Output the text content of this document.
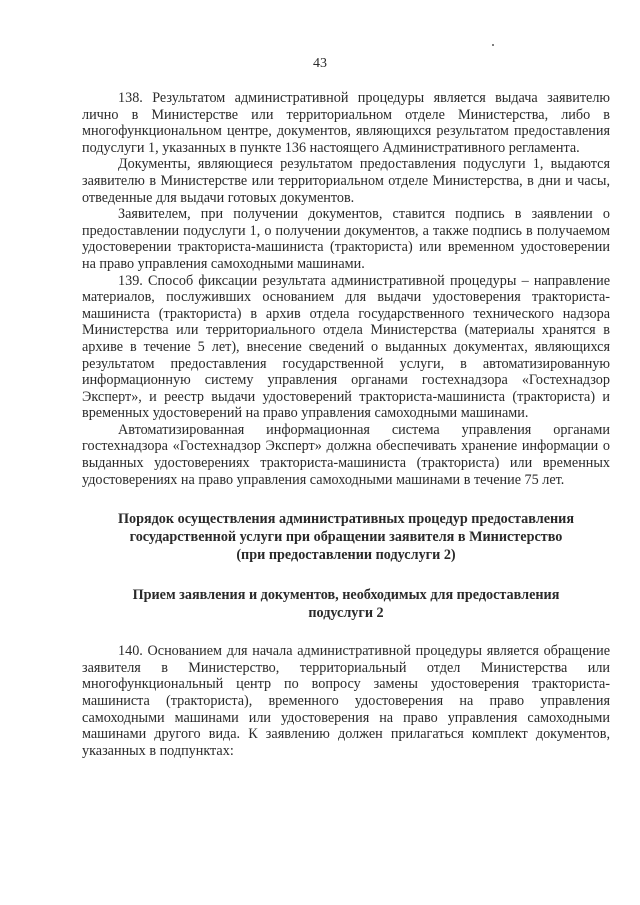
43

138. Результатом административной процедуры является выдача заявителю лично в Министерстве или территориальном отделе Министерства, либо в многофункциональном центре, документов, являющихся результатом предоставления подуслуги 1, указанных в пункте 136 настоящего Административного регламента.

Документы, являющиеся результатом предоставления подуслуги 1, выдаются заявителю в Министерстве или территориальном отделе Министерства, в дни и часы, отведенные для выдачи готовых документов.

Заявителем, при получении документов, ставится подпись в заявлении о предоставлении подуслуги 1, о получении документов, а также подпись в получаемом удостоверении тракториста-машиниста (тракториста) или временном удостоверении на право управления самоходными машинами.

139. Способ фиксации результата административной процедуры – направление материалов, послуживших основанием для выдачи удостоверения тракториста-машиниста (тракториста) в архив отдела государственного технического надзора Министерства или территориального отдела Министерства (материалы хранятся в архиве в течение 5 лет), внесение сведений о выданных документах, являющихся результатом предоставления государственной услуги, в автоматизированную информационную систему управления органами гостехнадзора «Гостехнадзор Эксперт», и реестр выдачи удостоверений тракториста-машиниста (тракториста) и временных удостоверений на право управления самоходными машинами.

Автоматизированная информационная система управления органами гостехнадзора «Гостехнадзор Эксперт» должна обеспечивать хранение информации о выданных удостоверениях тракториста-машиниста (тракториста) или временных удостоверениях на право управления самоходными машинами в течение 75 лет.

Порядок осуществления административных процедур предоставления

государственной услуги при обращении заявителя в Министерство

(при предоставлении подуслуги 2)

Прием заявления и документов, необходимых для предоставления

подуслуги 2

140. Основанием для начала административной процедуры является обращение заявителя в Министерство, территориальный отдел Министерства или многофункциональный центр по вопросу замены удостоверения тракториста-машиниста (тракториста), временного удостоверения на право управления самоходными машинами или удостоверения на право управления самоходными машинами другого вида. К заявлению должен прилагаться комплект документов, указанных в подпунктах:
